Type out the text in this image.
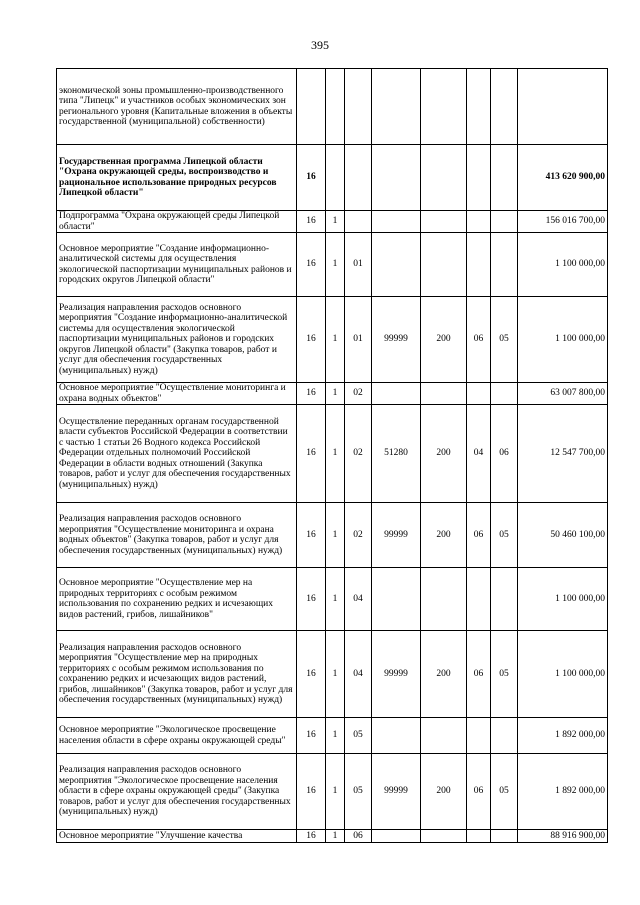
395
экономической зоны промышленно-производственного типа "Липецк" и участников особых экономических зон регионального уровня (Капитальные вложения в объекты государственной (муниципальной) собственности)								
Государственная программа Липецкой области "Охрана окружающей среды, воспроизводство и рациональное использование природных ресурсов Липецкой области"	16							413 620 900,00
Подпрограмма "Охрана окружающей среды Липецкой области"	16	1						156 016 700,00
Основное мероприятие "Создание информационно-аналитической системы для осуществления экологической паспортизации муниципальных районов и городских округов Липецкой области"	16	1	01					1 100 000,00
Реализация направления расходов основного мероприятия "Создание информационно-аналитической системы для осуществления экологической паспортизации муниципальных районов и городских округов Липецкой области" (Закупка товаров, работ и услуг для обеспечения государственных (муниципальных) нужд)	16	1	01	99999	200	06	05	1 100 000,00
Основное мероприятие "Осуществление мониторинга и охрана водных объектов"	16	1	02					63 007 800,00
Осуществление переданных органам государственной власти субъектов Российской Федерации в соответствии с частью 1 статьи 26 Водного кодекса Российской Федерации отдельных полномочий Российской Федерации в области водных отношений (Закупка товаров, работ и услуг для обеспечения государственных (муниципальных) нужд)	16	1	02	51280	200	04	06	12 547 700,00
Реализация направления расходов основного мероприятия "Осуществление мониторинга и охрана водных объектов" (Закупка товаров, работ и услуг для обеспечения государственных (муниципальных) нужд)	16	1	02	99999	200	06	05	50 460 100,00
Основное мероприятие "Осуществление мер на природных территориях с особым режимом использования по сохранению редких и исчезающих видов растений, грибов, лишайников"	16	1	04					1 100 000,00
Реализация направления расходов основного мероприятия "Осуществление мер на природных территориях с особым режимом использования по сохранению редких и исчезающих видов растений, грибов, лишайников" (Закупка товаров, работ и услуг для обеспечения государственных (муниципальных) нужд)	16	1	04	99999	200	06	05	1 100 000,00
Основное мероприятие "Экологическое просвещение населения области в сфере охраны окружающей среды"	16	1	05					1 892 000,00
Реализация направления расходов основного мероприятия "Экологическое просвещение населения области в сфере охраны окружающей среды" (Закупка товаров, работ и услуг для обеспечения государственных (муниципальных) нужд)	16	1	05	99999	200	06	05	1 892 000,00
Основное мероприятие "Улучшение качества	16	1	06					88 916 900,00
